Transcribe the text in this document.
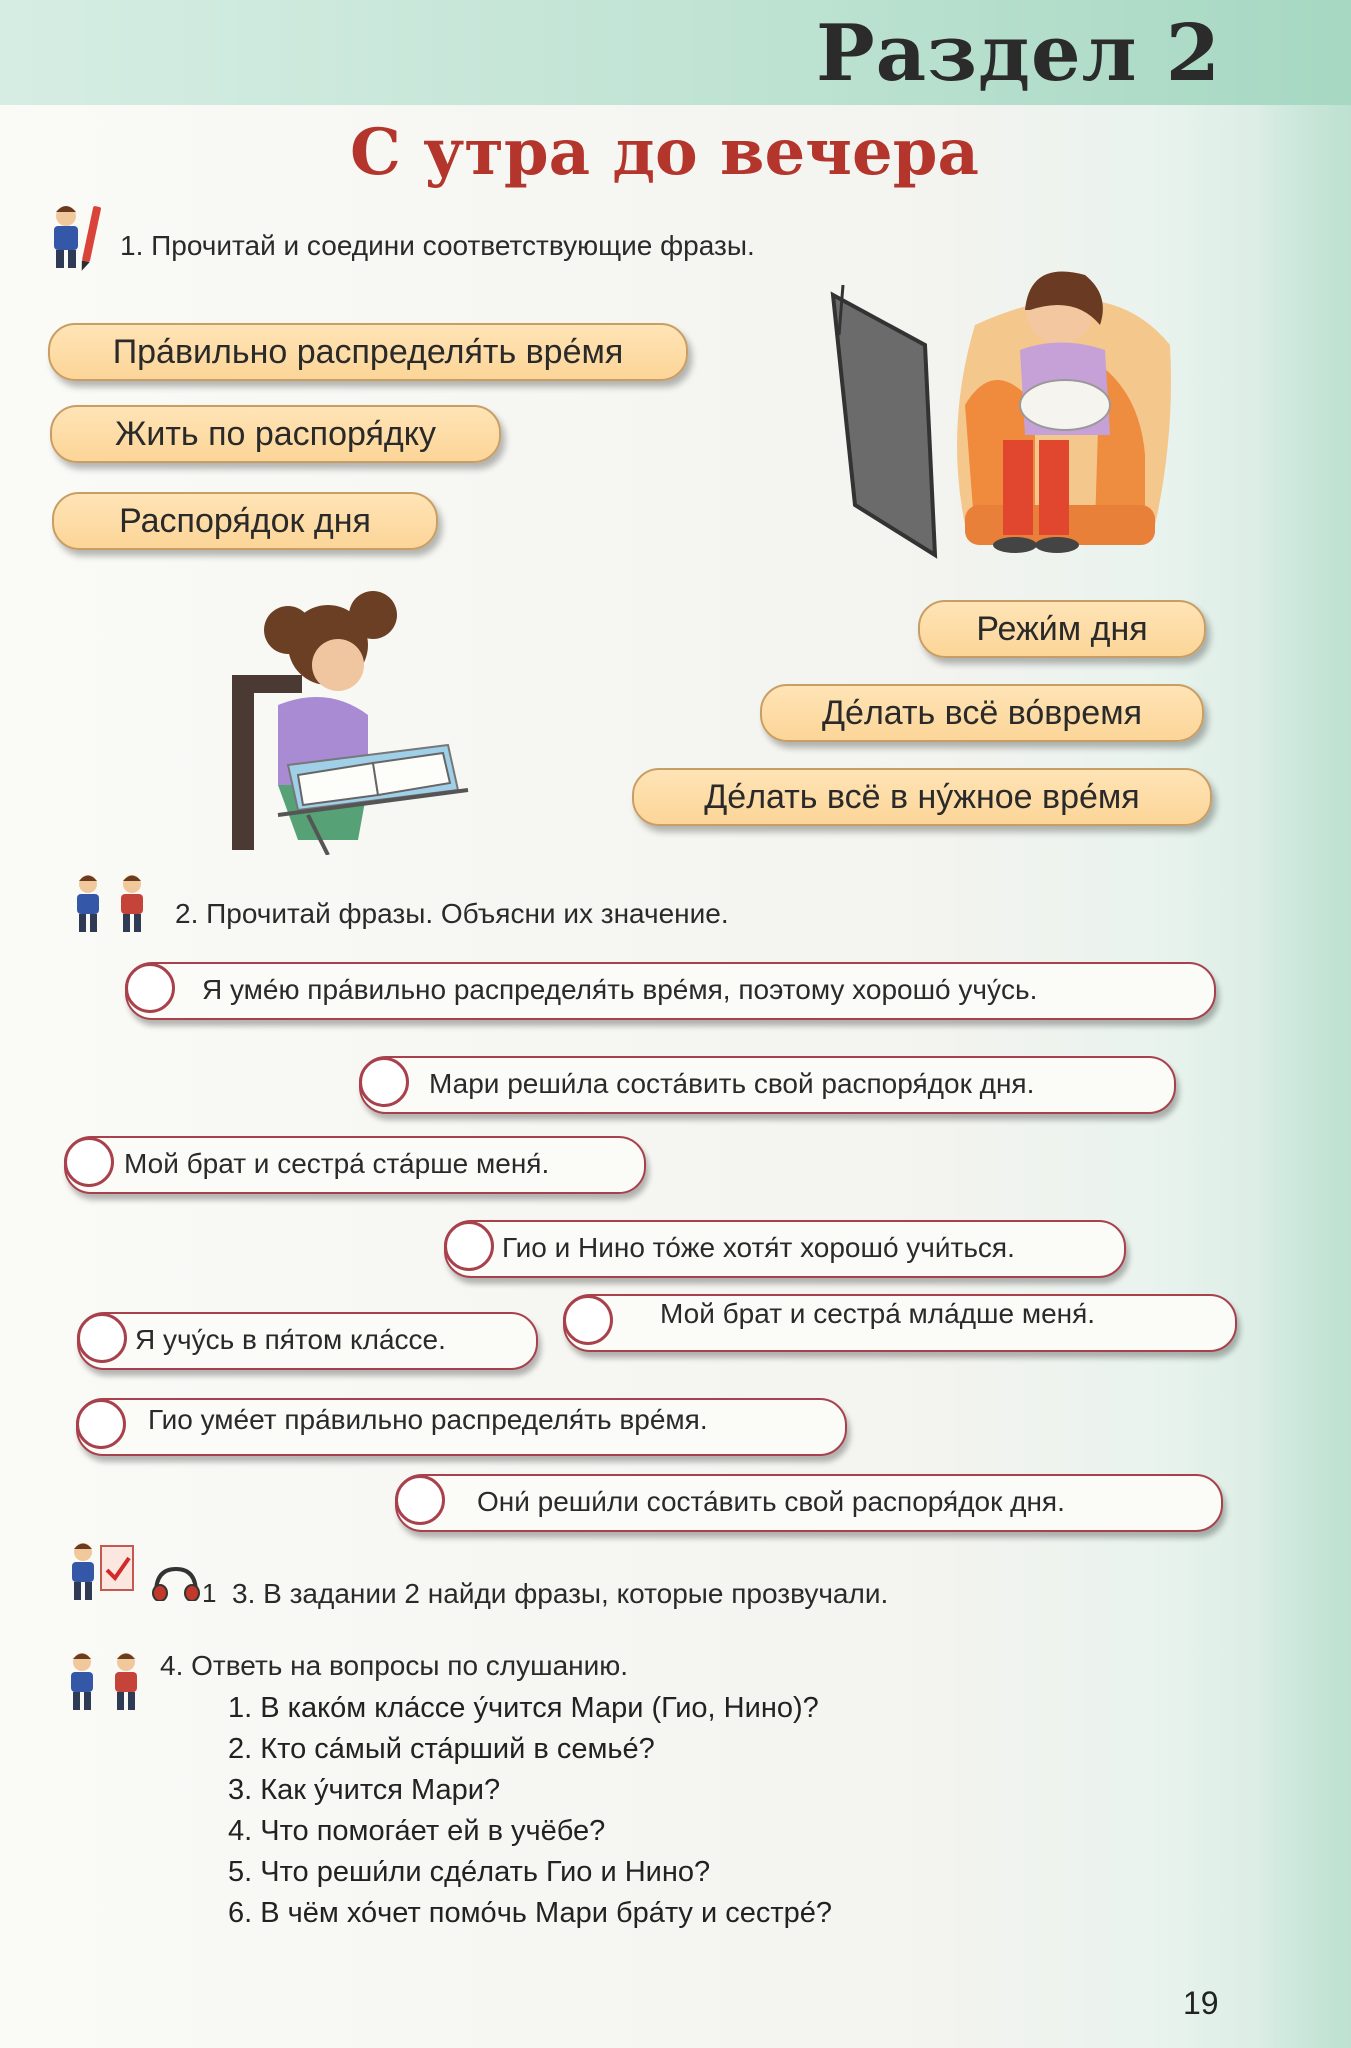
Раздел 2
С утра до вечера
1. Прочитай и соедини соответствующие фразы.
Пра́вильно распределя́ть вре́мя
Жить по распоря́дку
Распоря́док дня
Режи́м дня
Де́лать всё во́время
Де́лать всё в ну́жное вре́мя
2. Прочитай фразы. Объясни их значение.
Я уме́ю пра́вильно распределя́ть вре́мя, поэтому хорошо́ учу́сь.
Мари реши́ла соста́вить свой распоря́док дня.
Мой брат и сестра́ ста́рше меня́.
Гио и Нино то́же хотя́т хорошо́ учи́ться.
Мой брат и сестра́ мла́дше меня́.
Я учу́сь в пя́том кла́ссе.
Гио уме́ет пра́вильно распределя́ть вре́мя.
Они́ реши́ли соста́вить свой распоря́док дня.
1 3. В задании 2 найди фразы, которые прозвучали.
4. Ответь на вопросы по слушанию.
1. В како́м кла́ссе у́чится Мари (Гио, Нино)?
2. Кто са́мый ста́рший в семье́?
3. Как у́чится Мари?
4. Что помога́ет ей в учёбе?
5. Что реши́ли сде́лать Гио и Нино?
6. В чём хо́чет помо́чь Мари бра́ту и сестре́?
19
